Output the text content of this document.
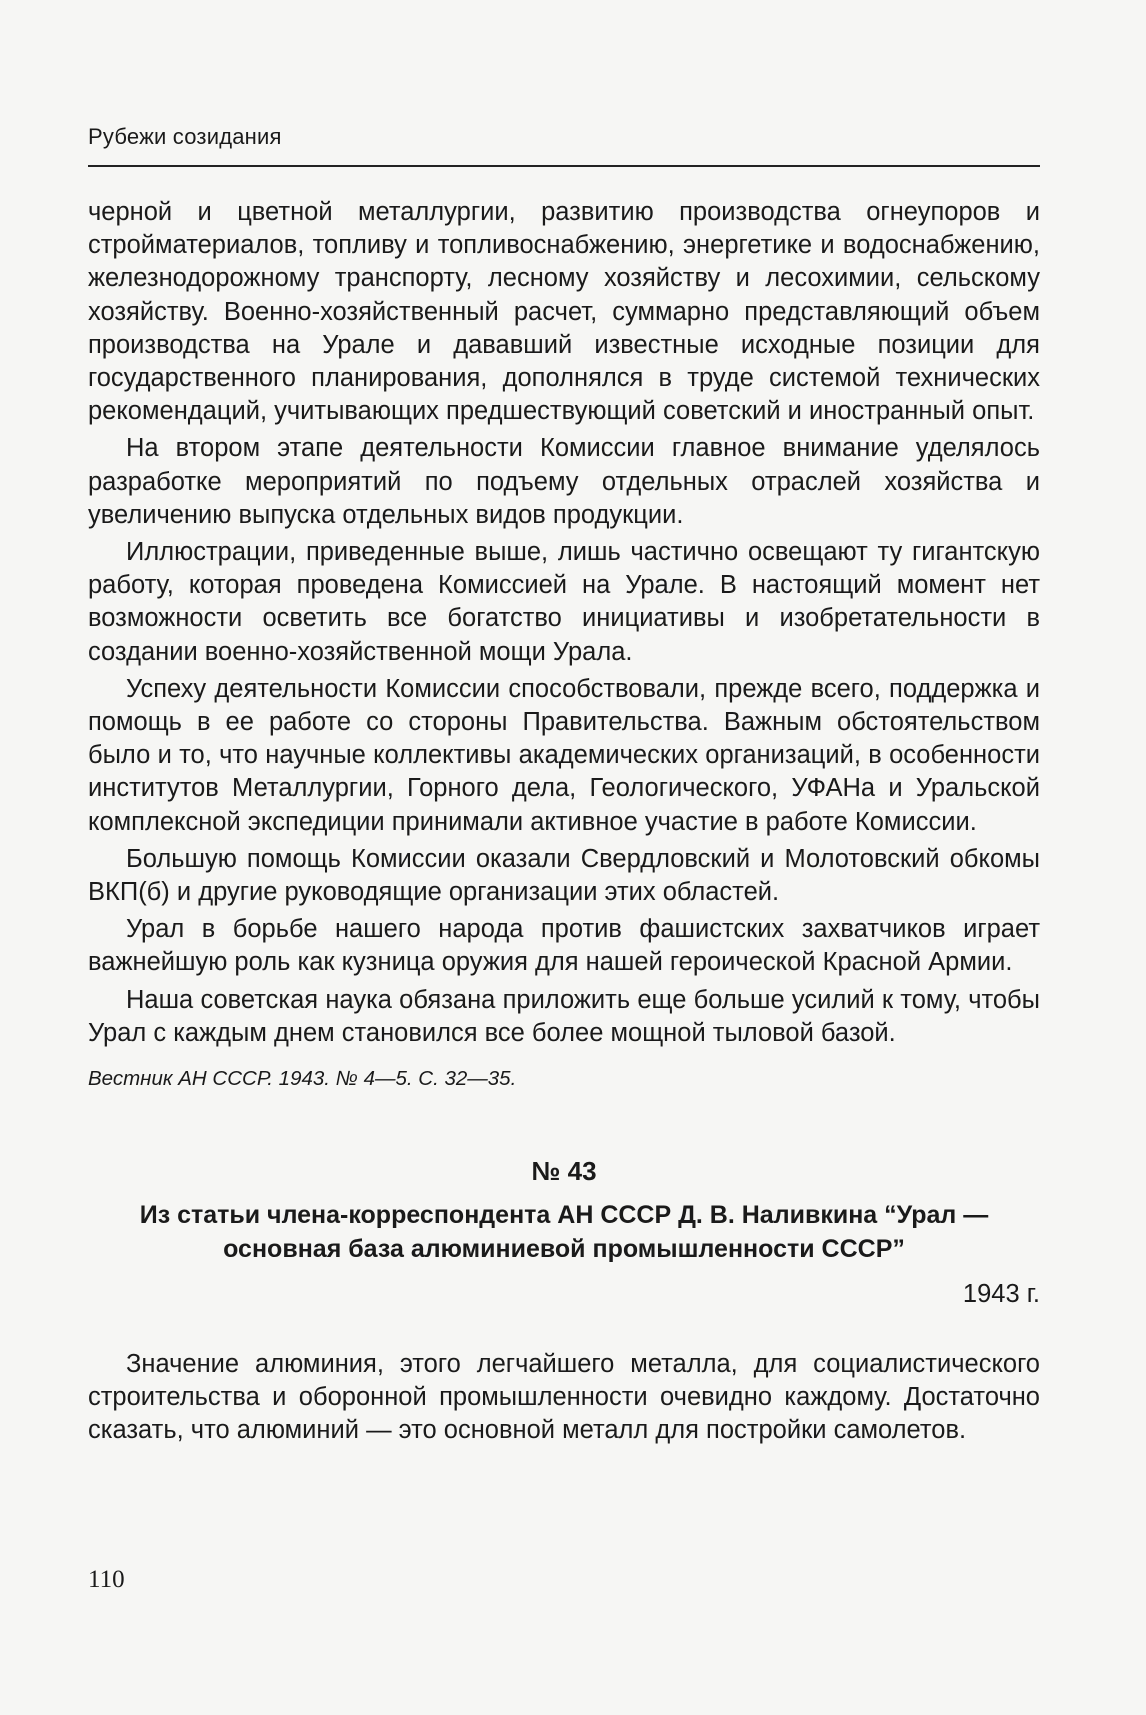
Рубежи созидания

черной и цветной металлургии, развитию производства огнеупоров и стройматериалов, топливу и топливоснабжению, энергетике и водоснабжению, железнодорожному транспорту, лесному хозяйству и лесохимии, сельскому хозяйству. Военно-хозяйственный расчет, суммарно представляющий объем производства на Урале и дававший известные исходные позиции для государственного планирования, дополнялся в труде системой технических рекомендаций, учитывающих предшествующий советский и иностранный опыт.

На втором этапе деятельности Комиссии главное внимание уделялось разработке мероприятий по подъему отдельных отраслей хозяйства и увеличению выпуска отдельных видов продукции.

Иллюстрации, приведенные выше, лишь частично освещают ту гигантскую работу, которая проведена Комиссией на Урале. В настоящий момент нет возможности осветить все богатство инициативы и изобретательности в создании военно-хозяйственной мощи Урала.

Успеху деятельности Комиссии способствовали, прежде всего, поддержка и помощь в ее работе со стороны Правительства. Важным обстоятельством было и то, что научные коллективы академических организаций, в особенности институтов Металлургии, Горного дела, Геологического, УФАНа и Уральской комплексной экспедиции принимали активное участие в работе Комиссии.

Большую помощь Комиссии оказали Свердловский и Молотовский обкомы ВКП(б) и другие руководящие организации этих областей.

Урал в борьбе нашего народа против фашистских захватчиков играет важнейшую роль как кузница оружия для нашей героической Красной Армии.

Наша советская наука обязана приложить еще больше усилий к тому, чтобы Урал с каждым днем становился все более мощной тыловой базой.

Вестник АН СССР. 1943. № 4—5. С. 32—35.

№ 43

Из статьи члена-корреспондента АН СССР Д. В. Наливкина “Урал — основная база алюминиевой промышленности СССР”

1943 г.

Значение алюминия, этого легчайшего металла, для социалистического строительства и оборонной промышленности очевидно каждому. Достаточно сказать, что алюминий — это основной металл для постройки самолетов.

110
